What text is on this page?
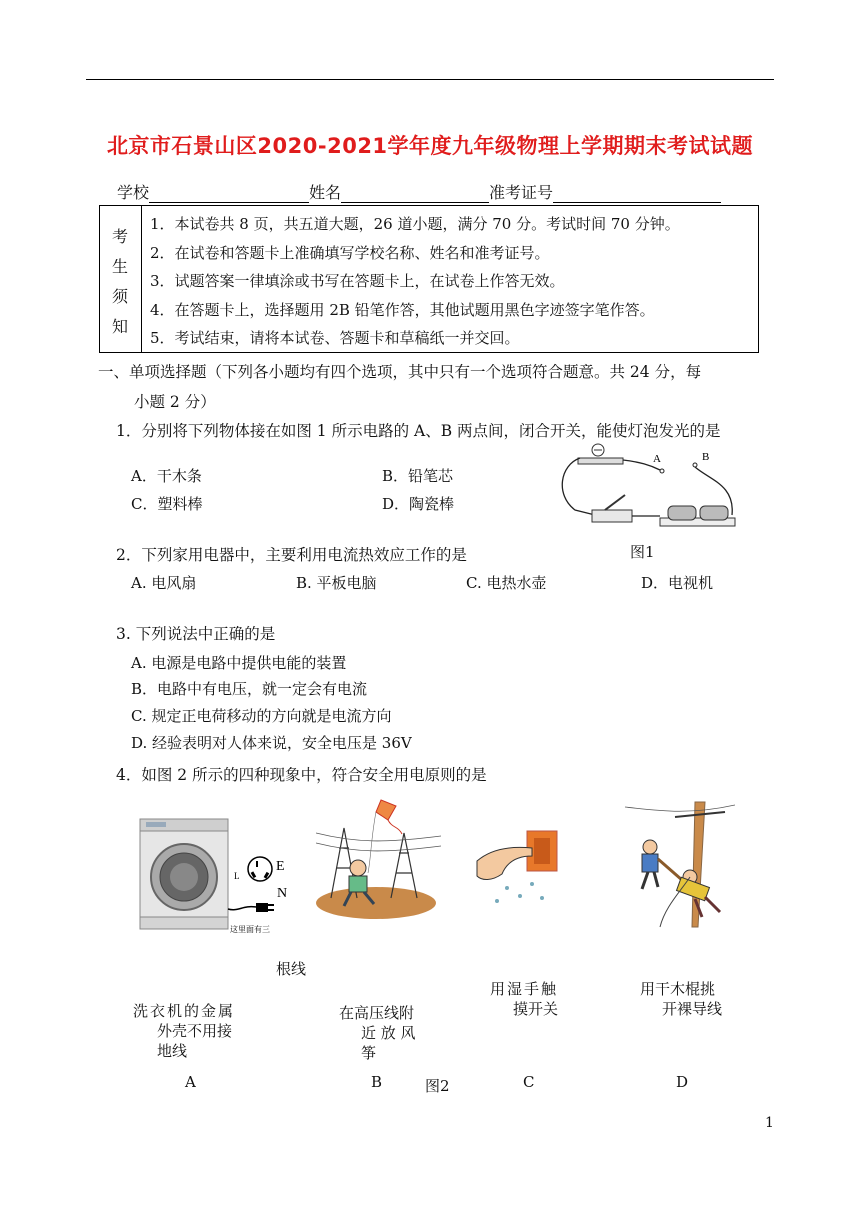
北京市石景山区2020-2021学年度九年级物理上学期期末考试试题
学校	姓名	准考证号
考
生
须
知
1．本试卷共 8 页，共五道大题，26 道小题，满分 70 分。考试时间 70 分钟。
2．在试卷和答题卡上准确填写学校名称、姓名和准考证号。
3．试题答案一律填涂或书写在答题卡上，在试卷上作答无效。
4．在答题卡上，选择题用 2B 铅笔作答，其他试题用黑色字迹签字笔作答。
5．考试结束，请将本试卷、答题卡和草稿纸一并交回。
一、单项选择题（下列各小题均有四个选项，其中只有一个选项符合题意。共 24 分，每
小题 2 分）
1．分别将下列物体接在如图 1 所示电路的 A、B 两点间，闭合开关，能使灯泡发光的是
A．干木条	B．铅笔芯
C．塑料棒	D．陶瓷棒
A	B
图1
2．下列家用电器中，主要利用电流热效应工作的是
A. 电风扇	B. 平板电脑	C. 电热水壶	D．电视机
3. 下列说法中正确的是
A. 电源是电路中提供电能的装置
B．电路中有电压，就一定会有电流
C. 规定正电荷移动的方向就是电流方向
D. 经验表明对人体来说，安全电压是 36V
4．如图 2 所示的四种现象中，符合安全用电原则的是
E
L
N
这里面有三
根线
洗衣机的金属
外壳不用接
地线
在高压线附
近 放 风
筝
用湿手触
摸开关
用干木棍挑
开裸导线
A	B	图2	C	D
1
